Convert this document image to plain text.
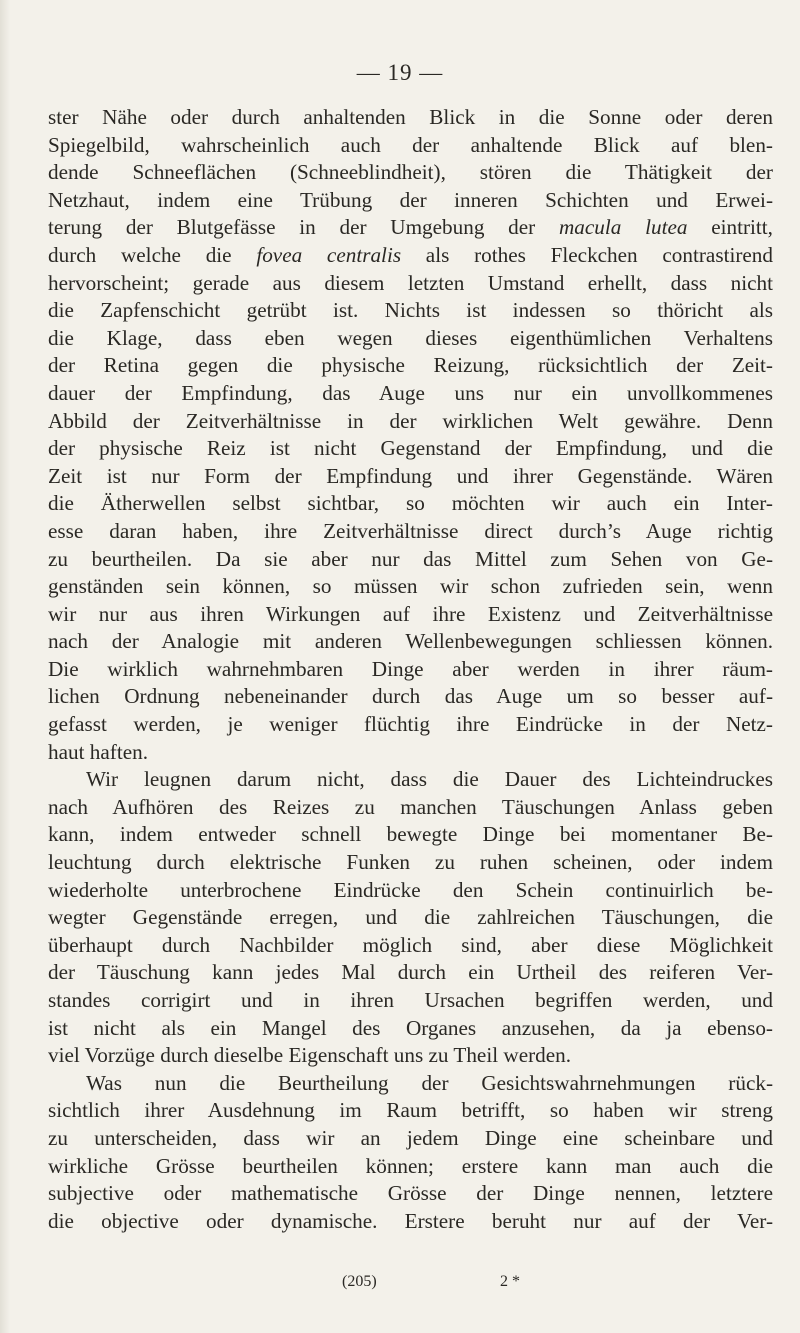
— 19 —
ster Nähe oder durch anhaltenden Blick in die Sonne oder deren
Spiegelbild, wahrscheinlich auch der anhaltende Blick auf blen-
dende Schneeflächen (Schneeblindheit), stören die Thätigkeit der
Netzhaut, indem eine Trübung der inneren Schichten und Erwei-
terung der Blutgefässe in der Umgebung der macula lutea eintritt,
durch welche die fovea centralis als rothes Fleckchen contrastirend
hervorscheint; gerade aus diesem letzten Umstand erhellt, dass nicht
die Zapfenschicht getrübt ist. Nichts ist indessen so thöricht als
die Klage, dass eben wegen dieses eigenthümlichen Verhaltens
der Retina gegen die physische Reizung, rücksichtlich der Zeit-
dauer der Empfindung, das Auge uns nur ein unvollkommenes
Abbild der Zeitverhältnisse in der wirklichen Welt gewähre. Denn
der physische Reiz ist nicht Gegenstand der Empfindung, und die
Zeit ist nur Form der Empfindung und ihrer Gegenstände. Wären
die Ätherwellen selbst sichtbar, so möchten wir auch ein Inter-
esse daran haben, ihre Zeitverhältnisse direct durch’s Auge richtig
zu beurtheilen. Da sie aber nur das Mittel zum Sehen von Ge-
genständen sein können, so müssen wir schon zufrieden sein, wenn
wir nur aus ihren Wirkungen auf ihre Existenz und Zeitverhältnisse
nach der Analogie mit anderen Wellenbewegungen schliessen können.
Die wirklich wahrnehmbaren Dinge aber werden in ihrer räum-
lichen Ordnung nebeneinander durch das Auge um so besser auf-
gefasst werden, je weniger flüchtig ihre Eindrücke in der Netz-
haut haften.
Wir leugnen darum nicht, dass die Dauer des Lichteindruckes
nach Aufhören des Reizes zu manchen Täuschungen Anlass geben
kann, indem entweder schnell bewegte Dinge bei momentaner Be-
leuchtung durch elektrische Funken zu ruhen scheinen, oder indem
wiederholte unterbrochene Eindrücke den Schein continuirlich be-
wegter Gegenstände erregen, und die zahlreichen Täuschungen, die
überhaupt durch Nachbilder möglich sind, aber diese Möglichkeit
der Täuschung kann jedes Mal durch ein Urtheil des reiferen Ver-
standes corrigirt und in ihren Ursachen begriffen werden, und
ist nicht als ein Mangel des Organes anzusehen, da ja ebenso-
viel Vorzüge durch dieselbe Eigenschaft uns zu Theil werden.
Was nun die Beurtheilung der Gesichtswahrnehmungen rück-
sichtlich ihrer Ausdehnung im Raum betrifft, so haben wir streng
zu unterscheiden, dass wir an jedem Dinge eine scheinbare und
wirkliche Grösse beurtheilen können; erstere kann man auch die
subjective oder mathematische Grösse der Dinge nennen, letztere
die objective oder dynamische. Erstere beruht nur auf der Ver-
(205)	2 *
